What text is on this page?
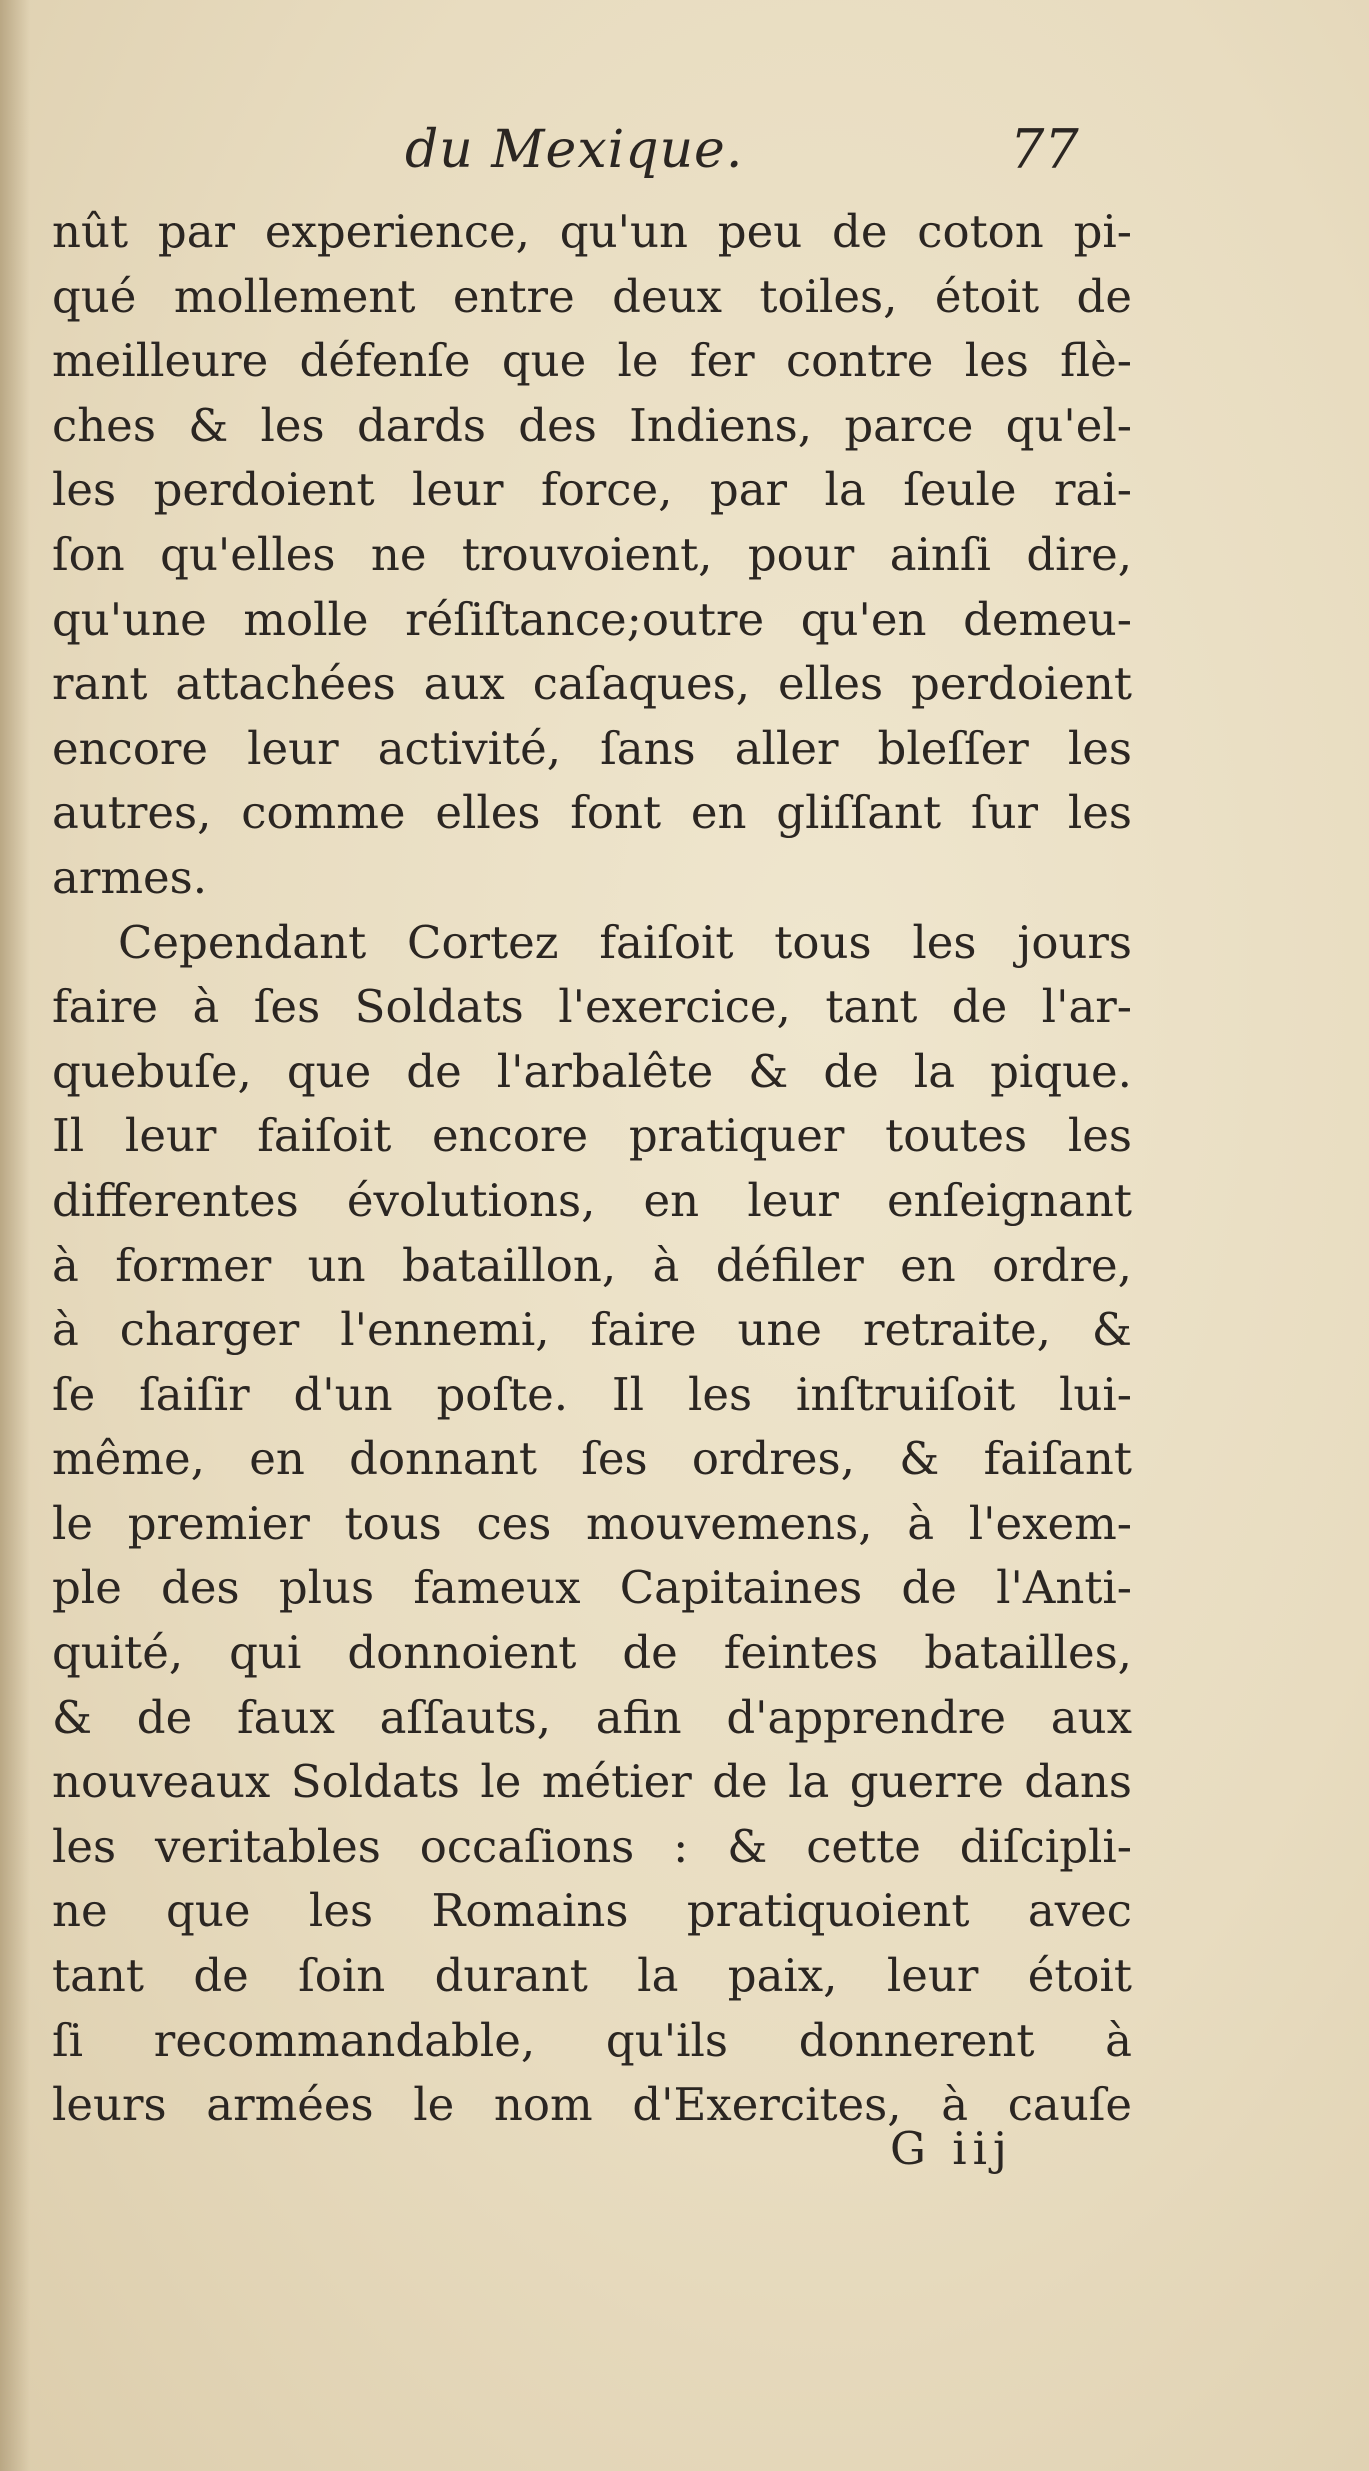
du Mexique.	77
nût par experience, qu'un peu de coton pi-
qué mollement entre deux toiles, étoit de
meilleure défenſe que le fer contre les flè-
ches & les dards des Indiens, parce qu'el-
les perdoient leur force, par la ſeule rai-
ſon qu'elles ne trouvoient, pour ainſi dire,
qu'une molle réſiſtance;outre qu'en demeu-
rant attachées aux caſaques, elles perdoient
encore leur activité, ſans aller bleſſer les
autres, comme elles font en gliſſant ſur les
armes.
Cependant Cortez faiſoit tous les jours
faire à ſes Soldats l'exercice, tant de l'ar-
quebuſe, que de l'arbalête & de la pique.
Il leur faiſoit encore pratiquer toutes les
differentes évolutions, en leur enſeignant
à former un bataillon, à défiler en ordre,
à charger l'ennemi, faire une retraite, &
ſe ſaiſir d'un poſte. Il les inſtruiſoit lui-
même, en donnant ſes ordres, & faiſant
le premier tous ces mouvemens, à l'exem-
ple des plus fameux Capitaines de l'Anti-
quité, qui donnoient de feintes batailles,
& de faux aſſauts, afin d'apprendre aux
nouveaux Soldats le métier de la guerre dans
les veritables occaſions : & cette diſcipli-
ne que les Romains pratiquoient avec
tant de ſoin durant la paix, leur étoit
ſi recommandable, qu'ils donnerent à
leurs armées le nom d'Exercites, à cauſe
G iij
